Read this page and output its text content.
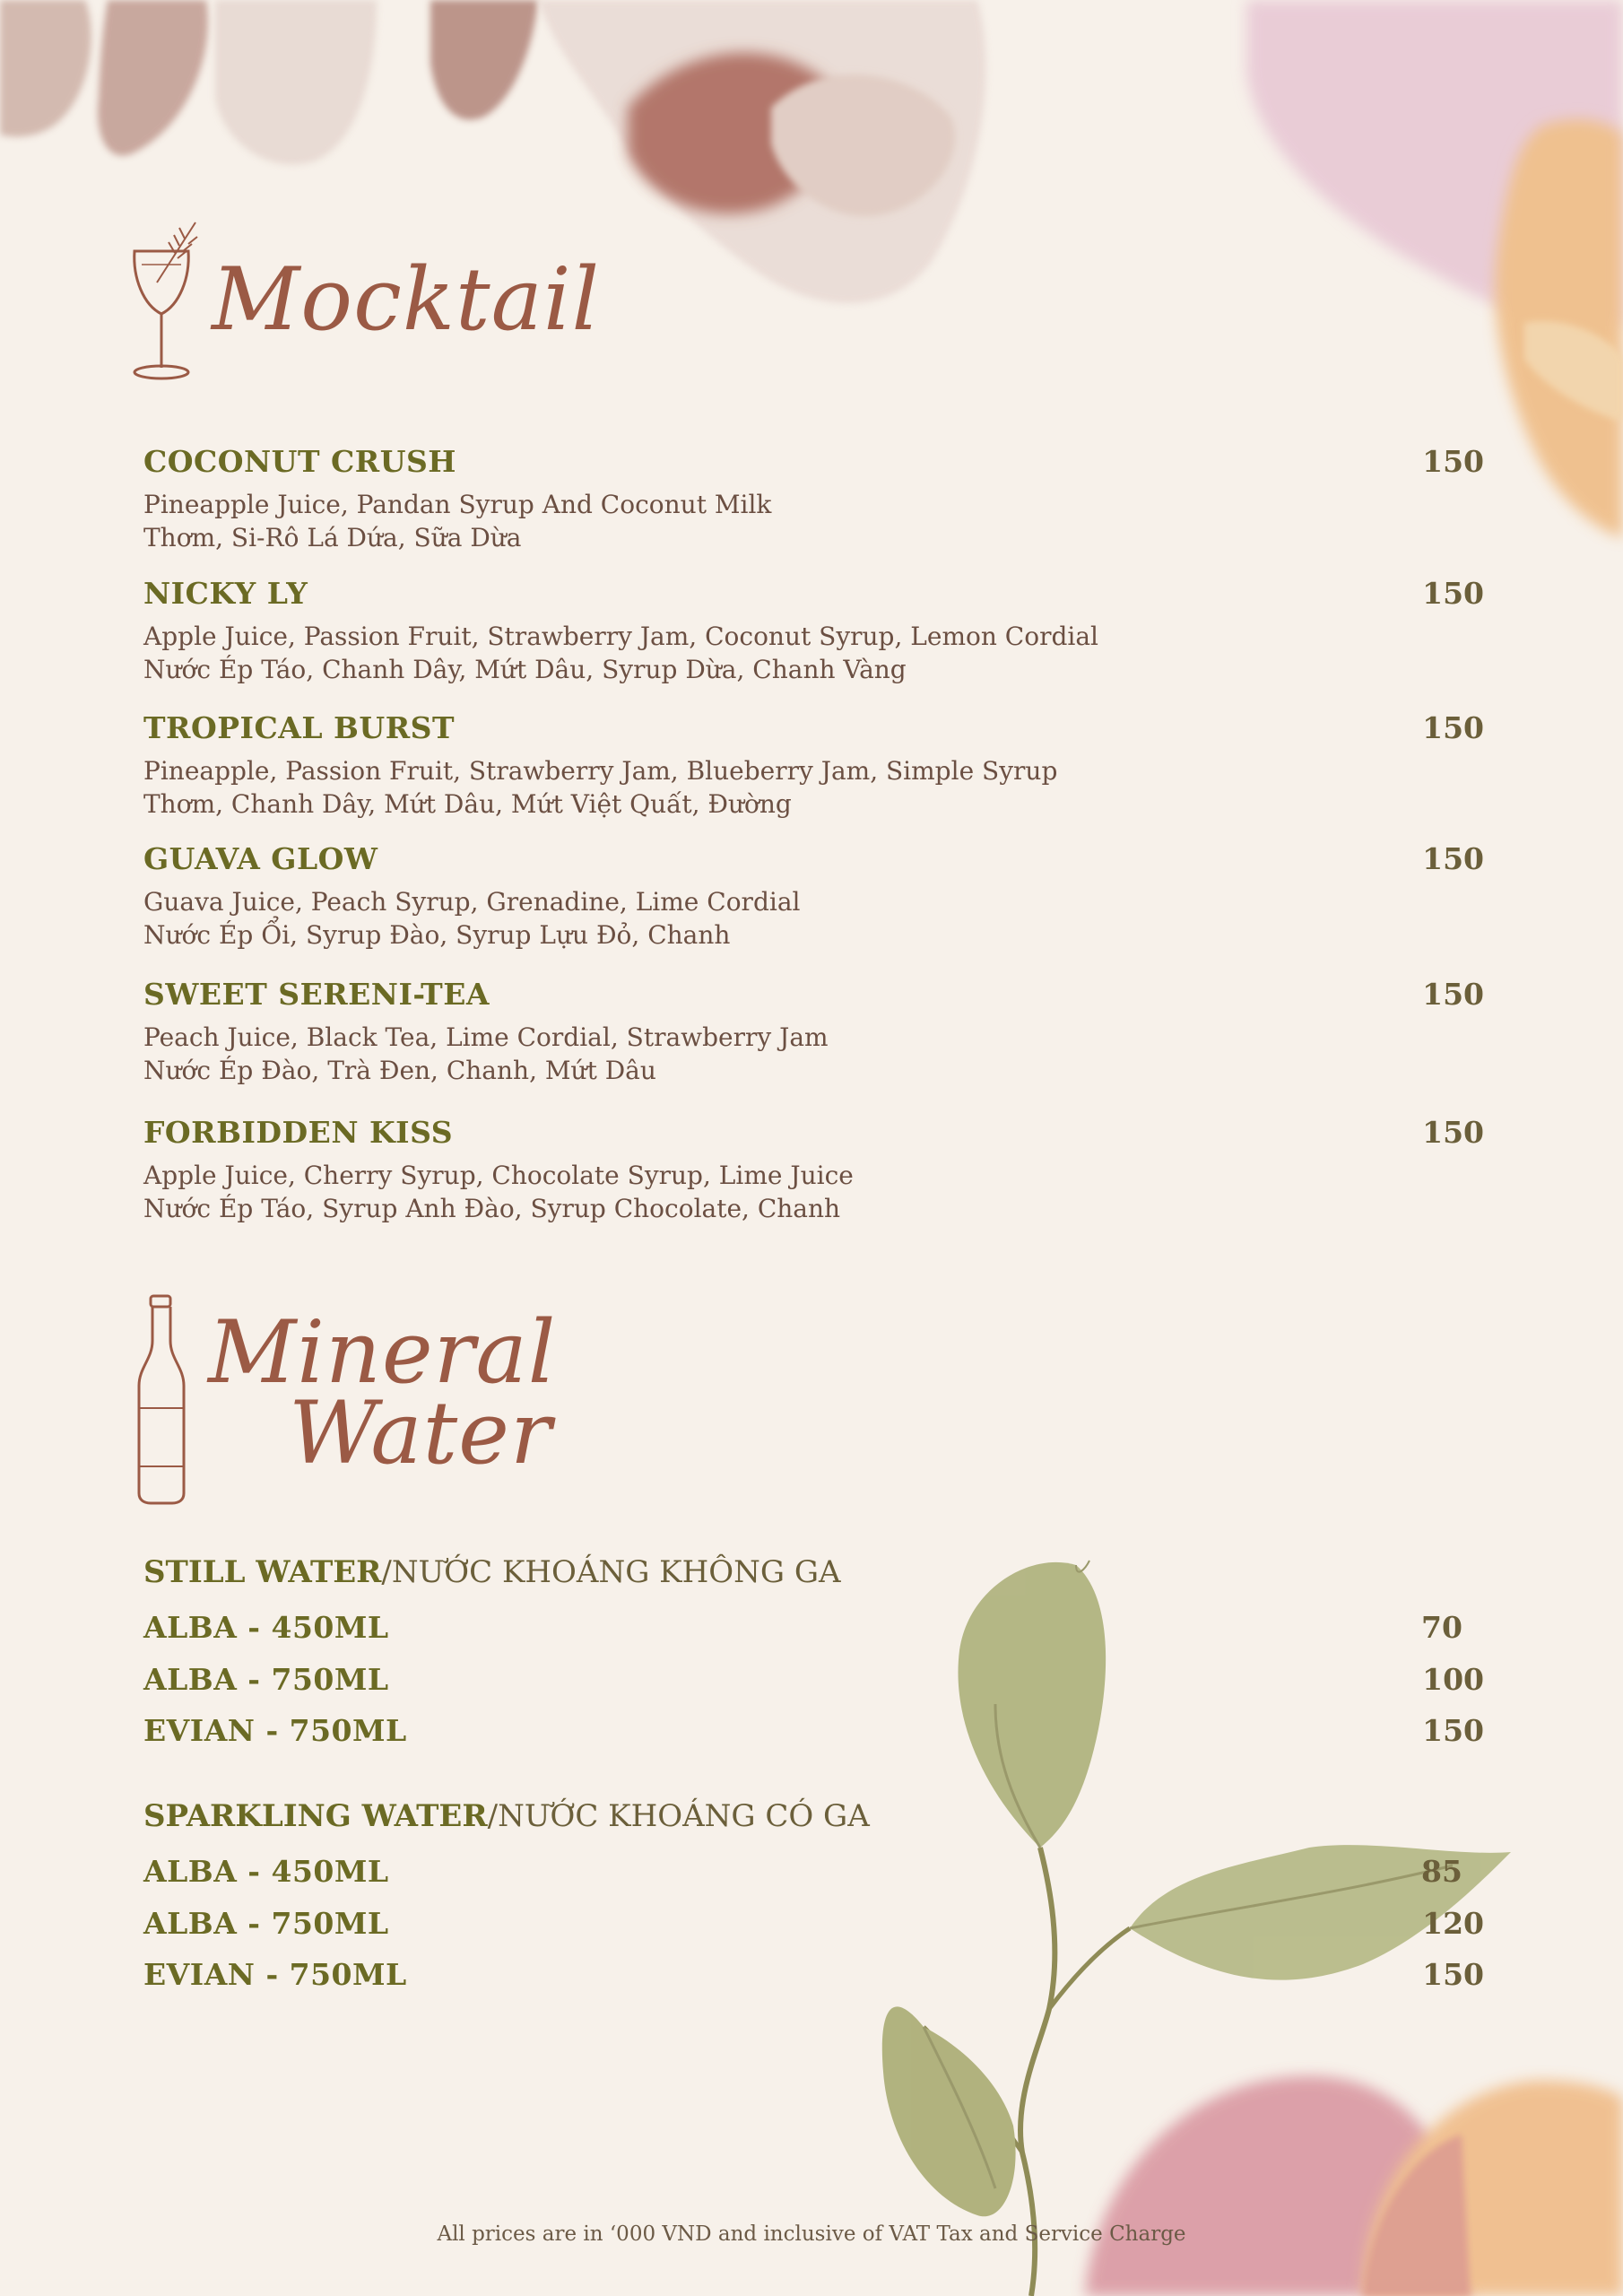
Mocktail
COCONUT CRUSH	150
Pineapple Juice, Pandan Syrup And Coconut Milk
Thơm, Si-Rô Lá Dứa, Sữa Dừa
NICKY LY	150
Apple Juice, Passion Fruit, Strawberry Jam, Coconut Syrup, Lemon Cordial
Nước Ép Táo, Chanh Dây, Mứt Dâu, Syrup Dừa, Chanh Vàng
TROPICAL BURST	150
Pineapple, Passion Fruit, Strawberry Jam, Blueberry Jam, Simple Syrup
Thơm, Chanh Dây, Mứt Dâu, Mứt Việt Quất, Đường
GUAVA GLOW	150
Guava Juice, Peach Syrup, Grenadine, Lime Cordial
Nước Ép Ổi, Syrup Đào, Syrup Lựu Đỏ, Chanh
SWEET SERENI-TEA	150
Peach Juice, Black Tea, Lime Cordial, Strawberry Jam
Nước Ép Đào, Trà Đen, Chanh, Mứt Dâu
FORBIDDEN KISS	150
Apple Juice, Cherry Syrup, Chocolate Syrup, Lime Juice
Nước Ép Táo, Syrup Anh Đào, Syrup Chocolate, Chanh
Mineral
Water
STILL WATER/NƯỚC KHOÁNG KHÔNG GA
ALBA - 450ML	70
ALBA - 750ML	100
EVIAN - 750ML	150
SPARKLING WATER/NƯỚC KHOÁNG CÓ GA
ALBA - 450ML	85
ALBA - 750ML	120
EVIAN - 750ML	150
All prices are in ‘000 VND and inclusive of VAT Tax and Service Charge
